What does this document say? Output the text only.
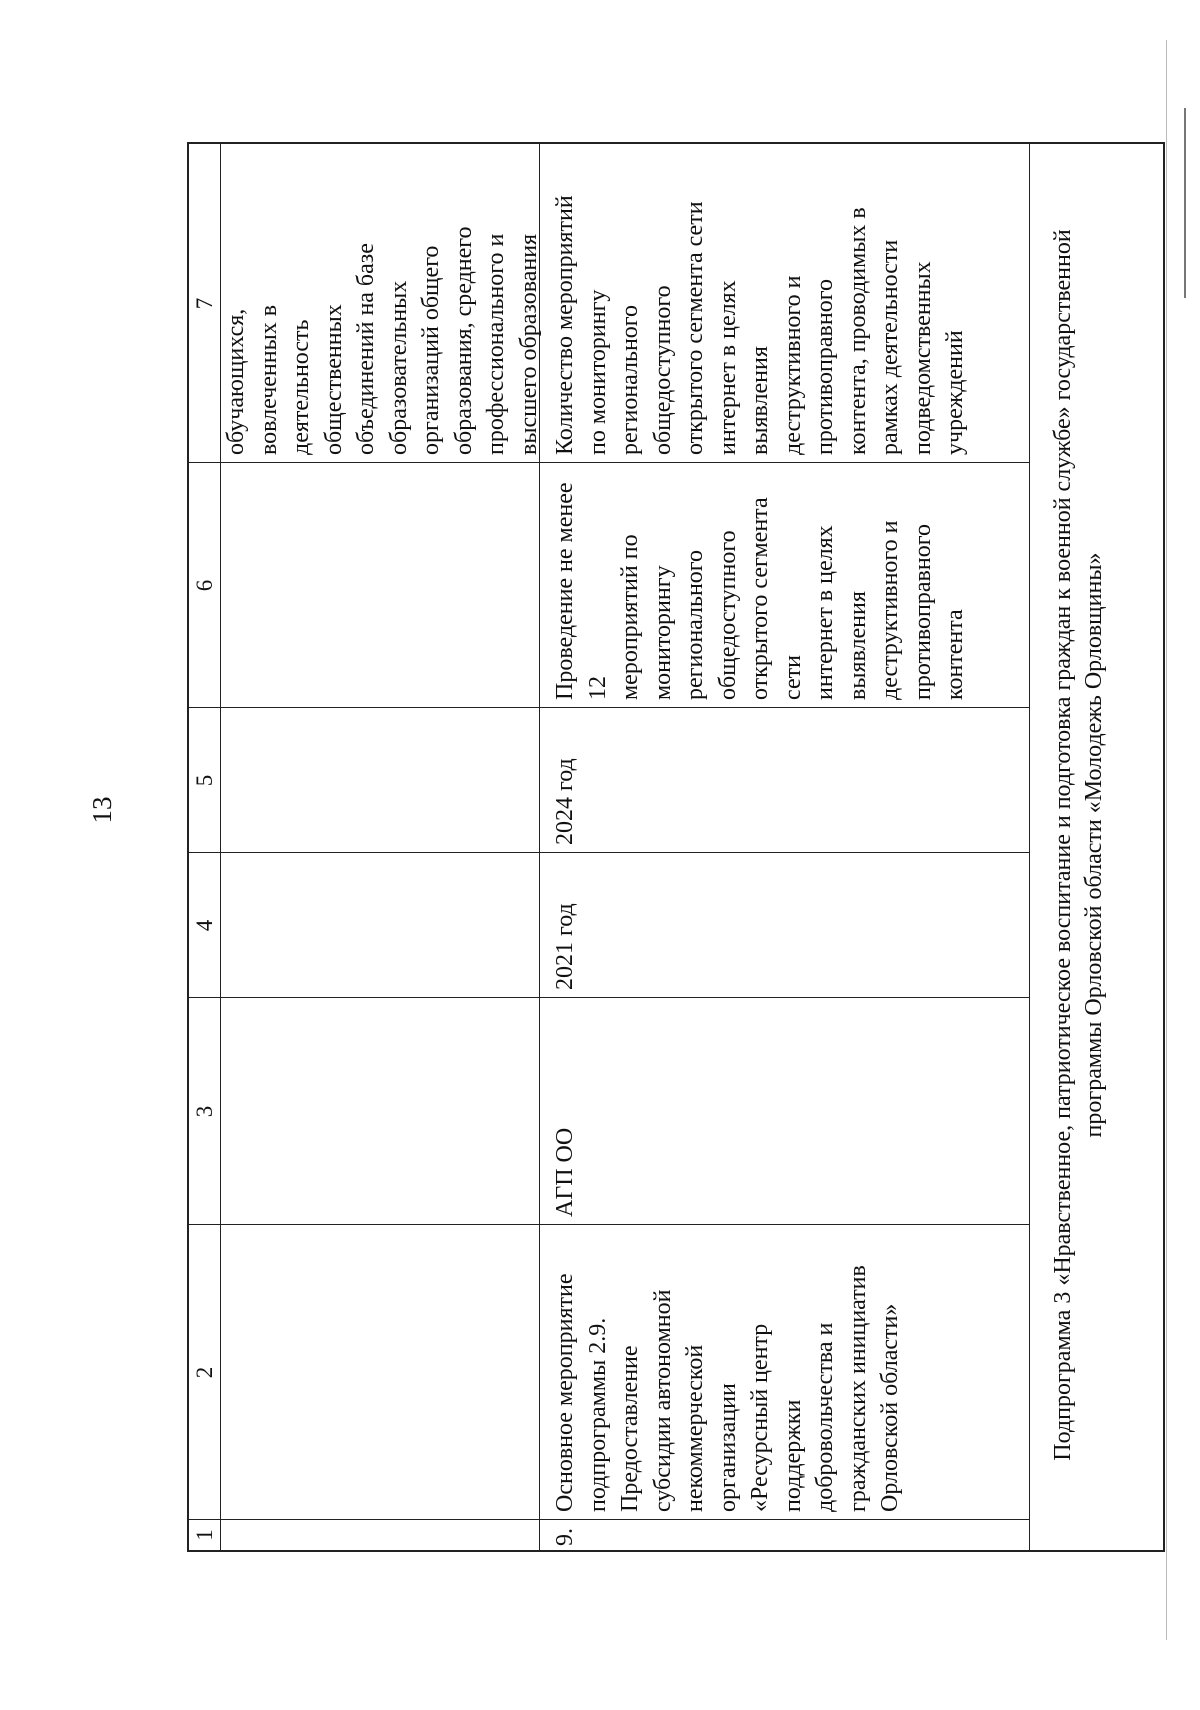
13
1
2
3
4
5
6
7
обучающихся,
вовлеченных в
деятельность
общественных
объединений на базе
образовательных
организаций общего
образования, среднего
профессионального и
высшего образования
9.
Основное мероприятие
подпрограммы 2.9.
Предоставление
субсидии автономной
некоммерческой
организации
«Ресурсный центр
поддержки
добровольчества и
гражданских инициатив
Орловской области»
АГП ОО
2021 год
2024 год
Проведение не менее 12
мероприятий по
мониторингу
регионального
общедоступного
открытого сегмента сети
интернет в целях
выявления
деструктивного и
противоправного
контента
Количество мероприятий
по мониторингу
регионального
общедоступного
открытого сегмента сети
интернет в целях
выявления
деструктивного и
противоправного
контента, проводимых в
рамках деятельности
подведомственных
учреждений
Подпрограмма 3 «Нравственное, патриотическое воспитание и подготовка граждан к военной службе» государственной
программы Орловской области «Молодежь Орловщины»
